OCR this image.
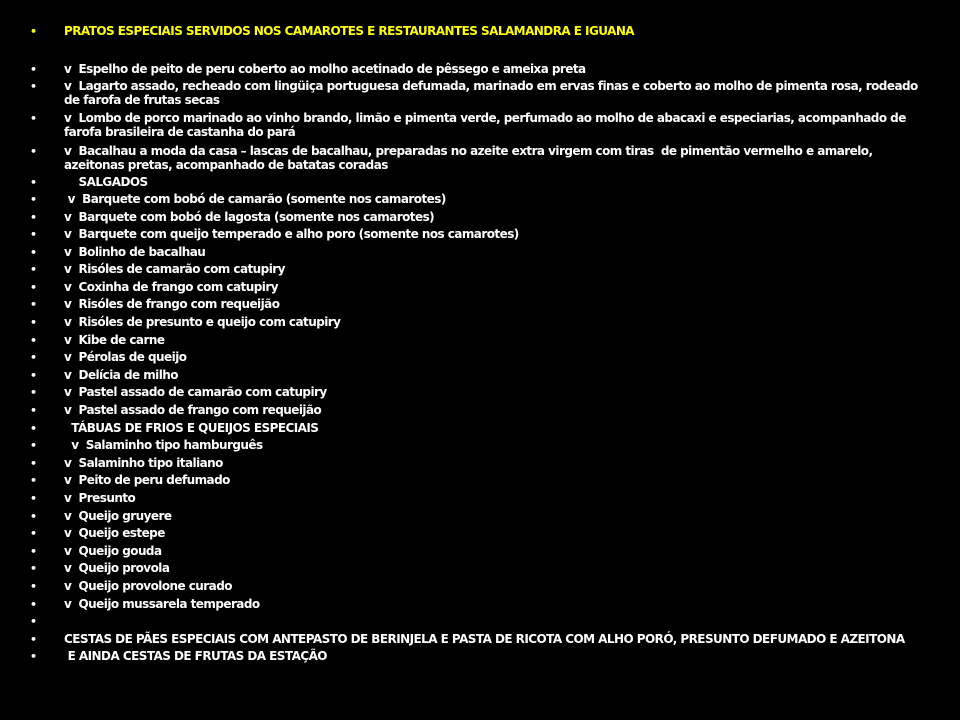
• PRATOS ESPECIAIS SERVIDOS NOS CAMAROTES E RESTAURANTES SALAMANDRA E IGUANA
• v  Espelho de peito de peru coberto ao molho acetinado de pêssego e ameixa preta
• v  Lagarto assado, recheado com lingüiça portuguesa defumada, marinado em ervas finas e coberto ao molho de pimenta rosa, rodeado de farofa de frutas secas
• v  Lombo de porco marinado ao vinho brando, limão e pimenta verde, perfumado ao molho de abacaxi e especiarias, acompanhado de farofa brasileira de castanha do pará
• v  Bacalhau a moda da casa – lascas de bacalhau, preparadas no azeite extra virgem com tiras  de pimentão vermelho e amarelo, azeitonas pretas, acompanhado de batatas coradas
• SALGADOS
• v  Barquete com bobó de camarão (somente nos camarotes)
• v  Barquete com bobó de lagosta (somente nos camarotes)
• v  Barquete com queijo temperado e alho poro (somente nos camarotes)
• v  Bolinho de bacalhau
• v  Risóles de camarão com catupiry
• v  Coxinha de frango com catupiry
• v  Risóles de frango com requeijão
• v  Risóles de presunto e queijo com catupiry
• v  Kibe de carne
• v  Pérolas de queijo
• v  Delícia de milho
• v  Pastel assado de camarão com catupiry
• v  Pastel assado de frango com requeijão
• TÁBUAS DE FRIOS E QUEIJOS ESPECIAIS
• v  Salaminho tipo hamburguês
• v  Salaminho tipo italiano
• v  Peito de peru defumado
• v  Presunto
• v  Queijo gruyere
• v  Queijo estepe
• v  Queijo gouda
• v  Queijo provola
• v  Queijo provolone curado
• v  Queijo mussarela temperado
•
• CESTAS DE PÃES ESPECIAIS COM ANTEPASTO DE BERINJELA E PASTA DE RICOTA COM ALHO PORÓ, PRESUNTO DEFUMADO E AZEITONA
• E AINDA CESTAS DE FRUTAS DA ESTAÇÃO
